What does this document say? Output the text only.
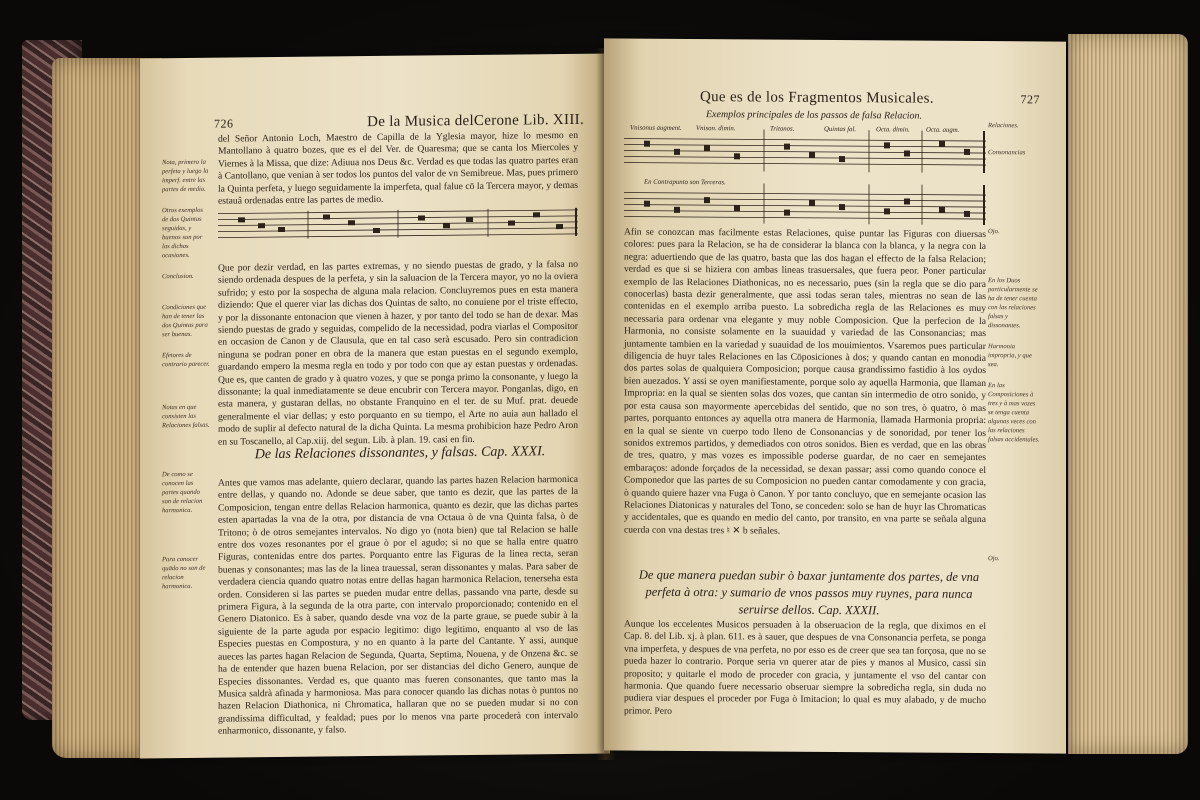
726	De la Musica delCerone Lib. XIII.
Nota, primero la perfeta y luego la imperf. entre las partes de medio.
Otros exemplos de dos Quintas seguidas, y buenos son por las dichas ocasiones.
Conclusion.
Condiciones que han de tener las dos Quintas para ser buenas.
Efetores de contrario parecer.
Notas en que consisten las Relaciones falsas.
De como se conocen las partes quando son de relacion harmonica.
Para conocer quādo no son de relacion harmonica.
del Señor Antonio Loch, Maestro de Capilla de la Yglesia mayor, hize lo mesmo en Mantollano à quatro bozes, que es el del Ver. de Quaresma; que se canta los Miercoles y Viernes à la Missa, que dize: Adiuua nos Deus &c. Verdad es que todas las quatro partes eran à Cantollano, que venian à ser todos los puntos del valor de vn Semibreue. Mas, pues primero la Quinta perfeta, y luego seguidamente la imperfeta, qual falue cō la Tercera mayor, y demas estauâ ordenadas entre las partes de medio.
Que por dezir verdad, en las partes extremas, y no siendo puestas de grado, y la falsa no siendo ordenada despues de la perfeta, y sin la saluacion de la Tercera mayor, yo no la oviera sufrido; y esto por la sospecha de alguna mala relacion. Concluyremos pues en esta manera diziendo: Que el querer viar las dichas dos Quintas de salto, no conuiene por el triste effecto, y por la dissonante entonacion que vienen à hazer, y por tanto del todo se han de dexar. Mas siendo puestas de grado y seguidas, compelido de la necessidad, podra viarlas el Compositor en occasion de Canon y de Clausula, que en tal caso serà escusado. Pero sin contradicion ninguna se podran poner en obra de la manera que estan puestas en el segundo exemplo, guardando empero la mesma regla en todo y por todo con que ay estan puestas y ordenadas. Que es, que canten de grado y à quatro vozes, y que se ponga primo la consonante, y luego la dissonante; la qual inmediatamente se deue encubrir con Tercera mayor. Ponganlas, digo, en esta manera, y gustaran dellas, no obstante Franquino en el ter. de su Muf. prat. deuede generalmente el viar dellas; y esto porquanto en su tiempo, el Arte no auia aun hallado el modo de suplir al defecto natural de la dicha Quinta. La mesma prohibicion haze Pedro Aron en su Toscanello, al Cap.xiij. del segun. Lib. à plan. 19. casi en fin.
De las Relaciones dissonantes, y falsas. Cap. XXXI.
Antes que vamos mas adelante, quiero declarar, quando las partes hazen Relacion harmonica entre dellas, y quando no. Adonde se deue saber, que tanto es dezir, que las partes de la Composicion, tengan entre dellas Relacion harmonica, quanto es dezir, que las dichas partes esten apartadas la vna de la otra, por distancia de vna Octaua ò de vna Quinta falsa, ò de Tritono; ò de otros semejantes intervalos. No digo yo (nota bien) que tal Relacion se halle entre dos vozes resonantes por el graue ò por el agudo; si no que se halla entre quatro Figuras, contenidas entre dos partes. Porquanto entre las Figuras de la linea recta, seran buenas y consonantes; mas las de la linea trauessal, seran dissonantes y malas. Para saber de verdadera ciencia quando quatro notas entre dellas hagan harmonica Relacion, tenerseha esta orden. Consideren si las partes se pueden mudar entre dellas, passando vna parte, desde su primera Figura, à la segunda de la otra parte, con intervalo proporcionado; contenido en el Genero Diatonico. Es à saber, quando desde vna voz de la parte graue, se puede subir à la siguiente de la parte aguda por espacio legitimo: digo legitimo, enquanto al vso de las Especies puestas en Compostura, y no en quanto à la parte del Cantante. Y assi, aunque aueces las partes hagan Relacion de Segunda, Quarta, Septima, Nouena, y de Onzena &c. se ha de entender que hazen buena Relacion, por ser distancias del dicho Genero, aunque de Especies dissonantes. Verdad es, que quanto mas fueren consonantes, que tanto mas la Musica saldrà afinada y harmoniosa. Mas para conocer quando las dichas notas ò puntos no hazen Relacion Diathonica, ni Chromatica, hallaran que no se pueden mudar si no con grandissima difficultad, y fealdad; pues por lo menos vna parte procederà con intervalo enharmonico, dissonante, y falso.
Que es de los Fragmentos Musicales.	727
Exemplos principales de los passos de falsa Relacion.
Relaciones.
Consonancias
Ojo.
En los Duos particularmente se ha de tener cuenta con las relaciones falsas y dissonantes.
Harmonia impropria, y que sea.
En las Composiciones à tres y à mas vozes se tenga cuenta algunas veces con las relaciones falsas accidentales.
Ojo.
Vnisonus augment. Vnison. dimin.	Tritonos.	Quintas fal.	Octa. dimin. Octa. augm.
En Contrapunto son Terceras.
Afin se conozcan mas facilmente estas Relaciones, quise puntar las Figuras con diuersas colores: pues para la Relacion, se ha de considerar la blanca con la blanca, y la negra con la negra: aduertiendo que de las quatro, basta que las dos hagan el effecto de la falsa Relacion; verdad es que si se hiziera con ambas lineas trasuersales, que fuera peor. Poner particular exemplo de las Relaciones Diathonicas, no es necessario, pues (sin la regla que se dio para conocerlas) basta dezir generalmente, que assi todas seran tales, mientras no sean de las contenidas en el exemplo arriba puesto. La sobredicha regla de las Relaciones es muy necessaria para ordenar vna elegante y muy noble Composicion. Que la perfecion de la Harmonia, no consiste solamente en la suauidad y variedad de las Consonancias; mas juntamente tambien en la variedad y suauidad de los mouimientos. Vsaremos pues particular diligencia de huyr tales Relaciones en las Cōposiciones à dos; y quando cantan en monodia dos partes solas de qualquiera Composicion; porque causa grandissimo fastidio à los oydos bien auezados. Y assi se oyen manifiestamente, porque solo ay aquella Harmonia, que llaman Impropria: en la qual se sienten solas dos vozes, que cantan sin intermedio de otro sonido, y por esta causa son mayormente apercebidas del sentido, que no son tres, ò quatro, ò mas partes, porquanto entonces ay aquella otra manera de Harmonia, llamada Harmonia propria: en la qual se siente vn cuerpo todo lleno de Consonancias y de sonoridad, por tener los sonidos extremos partidos, y demediados con otros sonidos. Bien es verdad, que en las obras de tres, quatro, y mas vozes es impossible poderse guardar, de no caer en semejantes embaraços: adonde forçados de la necessidad, se dexan passar; assi como quando conoce el Componedor que las partes de su Composicion no pueden cantar comodamente y con gracia, ò quando quiere hazer vna Fuga ò Canon. Y por tanto concluyo, que en semejante ocasion las Relaciones Diatonicas y naturales del Tono, se conceden: solo se han de huyr las Chromaticas y accidentales, que es quando en medio del canto, por transito, en vna parte se señala alguna cuerda con vna destas tres ♮ ✕ b señales.
De que manera puedan subir ò baxar juntamente dos partes, de vna perfeta à otra: y sumario de vnos passos muy ruynes, para nunca seruirse dellos. Cap. XXXII.
Aunque los eccelentes Musicos persuaden à la obseruacion de la regla, que diximos en el Cap. 8. del Lib. xj. à plan. 611. es à sauer, que despues de vna Consonancia perfeta, se ponga vna imperfeta, y despues de vna perfeta, no por esso es de creer que sea tan forçosa, que no se pueda hazer lo contrario. Porque seria vn querer atar de pies y manos al Musico, cassi sin proposito; y quitarle el modo de proceder con gracia, y juntamente el vso del cantar con harmonia. Que quando fuere necessario obseruar siempre la sobredicha regla, sin duda no pudiera viar despues el proceder por Fuga ò Imitacion; lo qual es muy alabado, y de mucho primor. Pero
